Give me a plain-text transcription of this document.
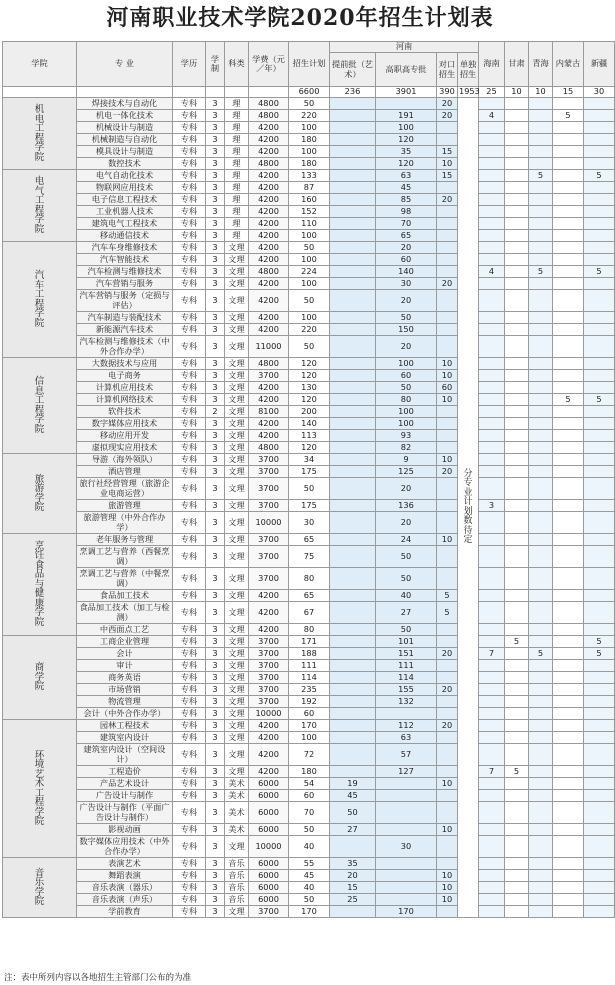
河南职业技术学院2020年招生计划表
学院	专 业	学历	学制	科类	学费（元／年）	招生计划	河南				海南	甘肃	青海	内蒙古	新疆
							提前批（艺术）	高职高专批	对口招生	单独招生					
						6600	236	3901	390	1953	25	10	10	15	30
机电工程学院	焊接技术与自动化	专科	3	理	4800	50			20	分专业计划数待定					
	机电一体化技术	专科	3	理	4800	220		191	20		4			5	
	机械设计与制造	专科	3	理	4200	100		100							
	机械制造与自动化	专科	3	理	4200	180		120							
	模具设计与制造	专科	3	理	4200	100		35	15						
	数控技术	专科	3	理	4800	180		120	10						
电气工程学院	电气自动化技术	专科	3	理	4200	133		63	15				5		5
	物联网应用技术	专科	3	理	4200	87		45							
	电子信息工程技术	专科	3	理	4200	160		85	20						
	工业机器人技术	专科	3	理	4200	152		98							
	建筑电气工程技术	专科	3	理	4200	110		70							
	移动通信技术	专科	3	理	4200	100		65							
汽车工程学院	汽车车身维修技术	专科	3	文理	4200	50		20							
	汽车智能技术	专科	3	文理	4200	100		60							
	汽车检测与维修技术	专科	3	文理	4800	224		140			4		5		5
	汽车营销与服务	专科	3	文理	4200	100		30	20						
	汽车营销与服务（定损与评估）	专科	3	文理	4200	50		20							
	汽车制造与装配技术	专科	3	文理	4200	100		50							
	新能源汽车技术	专科	3	文理	4200	220		150							
	汽车检测与维修技术（中外合作办学）	专科	3	文理	11000	50		20							
信息工程学院	大数据技术与应用	专科	3	文理	4800	120		100	10						
	电子商务	专科	3	文理	3700	120		60	10						
	计算机应用技术	专科	3	文理	4200	130		50	60						
	计算机网络技术	专科	3	文理	4200	120		80	10					5	5
	软件技术	专科	2	文理	8100	200		100							
	数字媒体应用技术	专科	3	文理	4200	140		100							
	移动应用开发	专科	3	文理	4200	113		93							
	虚拟现实应用技术	专科	3	文理	4800	120		82							
旅游学院	导游（海外领队）	专科	3	文理	3700	34		9	10						
	酒店管理	专科	3	文理	3700	175		125	20						
	旅行社经营管理（旅游企业电商运营）	专科	3	文理	3700	50		20							
	旅游管理	专科	3	文理	3700	175		136			3				
	旅游管理（中外合作办学）	专科	3	文理	10000	30		20							
烹饪食品与健康学院	老年服务与管理	专科	3	文理	3700	65		24	10						
	烹调工艺与营养（西餐烹调）	专科	3	文理	3700	75		50							
	烹调工艺与营养（中餐烹调）	专科	3	文理	3700	80		50							
	食品加工技术	专科	3	文理	4200	65		40	5						
	食品加工技术（加工与检测）	专科	3	文理	4200	67		27	5						
	中西面点工艺	专科	3	文理	4200	80		50							
商学院	工商企业管理	专科	3	文理	3700	171		101				5			5
	会计	专科	3	文理	3700	188		151	20		7		5		5
	审计	专科	3	文理	3700	111		111							
	商务英语	专科	3	文理	3700	114		114							
	市场营销	专科	3	文理	3700	235		155	20						
	物流管理	专科	3	文理	3700	192		132							
	会计（中外合作办学）	专科	3	文理	10000	60									
环境艺术工程学院	园林工程技术	专科	3	文理	4200	170		112	20						
	建筑室内设计	专科	3	文理	4200	100		63							
	建筑室内设计（空间设计）	专科	3	文理	4200	72		57							
	工程造价	专科	3	文理	4200	180		127			7	5			
	产品艺术设计	专科	3	美术	6000	54	19		10						
	广告设计与制作	专科	3	美术	6000	60	45								
	广告设计与制作（平面广告设计与制作）	专科	3	美术	6000	70	50								
	影视动画	专科	3	美术	6000	50	27		10						
	数字媒体应用技术（中外合作办学）	专科	3	文理	10000	40		30							
音乐学院	表演艺术	专科	3	音乐	6000	55	35								
	舞蹈表演	专科	3	音乐	6000	45	20		10						
	音乐表演（器乐）	专科	3	音乐	6000	40	15		10						
	音乐表演（声乐）	专科	3	音乐	6000	50	25		10						
	学前教育	专科	3	文理	3700	170		170							
注：表中所列内容以各地招生主管部门公布的为准
